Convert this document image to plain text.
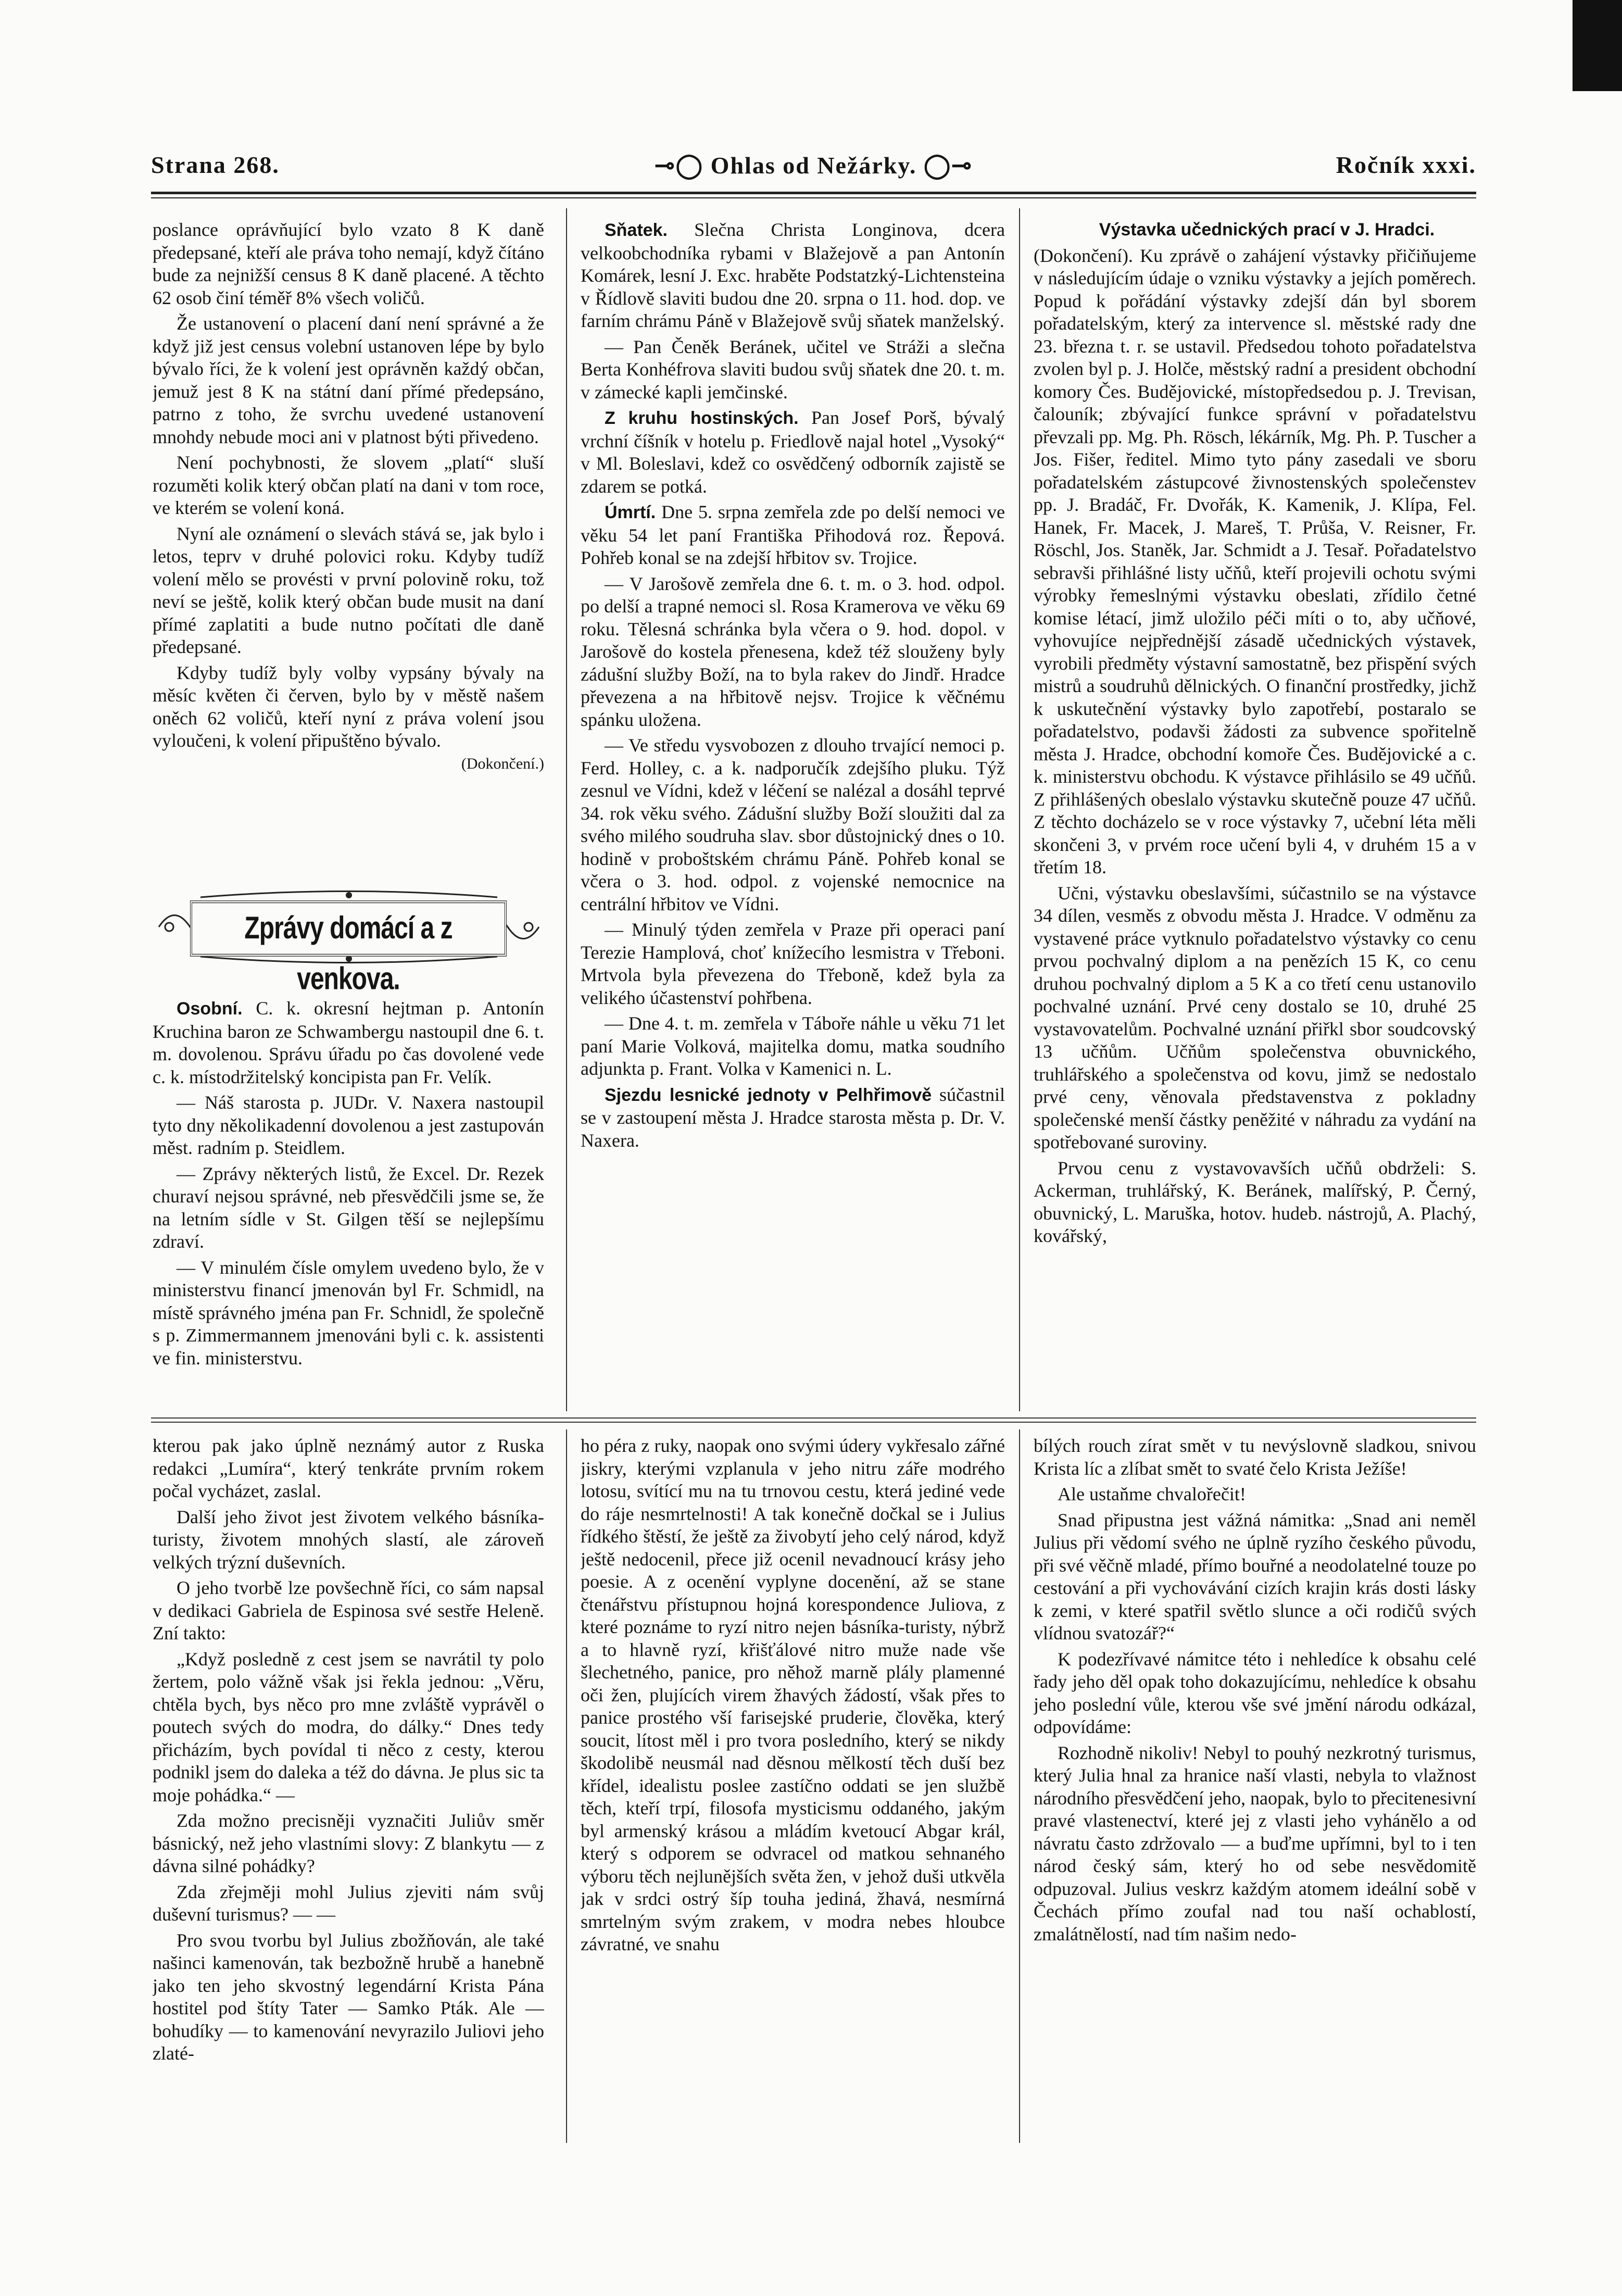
Strana 268.	⊸◯ Ohlas od Nežárky. ◯⊸	Ročník xxxi.

poslance oprávňující bylo vzato 8 K daně předepsané, kteří ale práva toho nemají, když čítáno bude za nejnižší census 8 K daně placené. A těchto 62 osob činí téměř 8% všech voličů.

Že ustanovení o placení daní není správné a že když již jest census volební ustanoven lépe by bylo bývalo říci, že k volení jest oprávněn každý občan, jemuž jest 8 K na státní daní přímé předepsáno, patrno z toho, že svrchu uvedené ustanovení mnohdy nebude moci ani v platnost býti přivedeno.

Není pochybnosti, že slovem „platí“ sluší rozuměti kolik který občan platí na dani v tom roce, ve kterém se volení koná.

Nyní ale oznámení o slevách stává se, jak bylo i letos, teprv v druhé polovici roku. Kdyby tudíž volení mělo se provésti v první polovině roku, tož neví se ještě, kolik který občan bude musit na daní přímé zaplatiti a bude nutno počítati dle daně předepsané.

Kdyby tudíž byly volby vypsány bývaly na měsíc květen či červen, bylo by v městě našem oněch 62 voličů, kteří nyní z práva volení jsou vyloučeni, k volení připuštěno bývalo.
(Dokončení.)

Zprávy domácí a z venkova.

Osobní. C. k. okresní hejtman p. Antonín Kruchina baron ze Schwambergu nastoupil dne 6. t. m. dovolenou. Správu úřadu po čas dovolené vede c. k. místodržitelský koncipista pan Fr. Velík.

— Náš starosta p. JUDr. V. Naxera nastoupil tyto dny několikadenní dovolenou a jest zastupován měst. radním p. Steidlem.

— Zprávy některých listů, že Excel. Dr. Rezek churaví nejsou správné, neb přesvědčili jsme se, že na letním sídle v St. Gilgen těší se nejlepšímu zdraví.

— V minulém čísle omylem uvedeno bylo, že v ministerstvu financí jmenován byl Fr. Schmidl, na místě správného jména pan Fr. Schnidl, že společně s p. Zimmermannem jmenováni byli c. k. assistenti ve fin. ministerstvu.

Sňatek. Slečna Christa Longinova, dcera velkoobchodníka rybami v Blažejově a pan Antonín Komárek, lesní J. Exc. hraběte Podstatzký-Lichtensteina v Řídlově slaviti budou dne 20. srpna o 11. hod. dop. ve farním chrámu Páně v Blažejově svůj sňatek manželský.

— Pan Čeněk Beránek, učitel ve Stráži a slečna Berta Konhéfrova slaviti budou svůj sňatek dne 20. t. m. v zámecké kapli jemčinské.

Z kruhu hostinských. Pan Josef Porš, bývalý vrchní číšník v hotelu p. Friedlově najal hotel „Vysoký“ v Ml. Boleslavi, kdež co osvědčený odborník zajistě se zdarem se potká.

Úmrtí. Dne 5. srpna zemřela zde po delší nemoci ve věku 54 let paní Františka Přihodová roz. Řepová. Pohřeb konal se na zdejší hřbitov sv. Trojice.

— V Jarošově zemřela dne 6. t. m. o 3. hod. odpol. po delší a trapné nemoci sl. Rosa Kramerova ve věku 69 roku. Tělesná schránka byla včera o 9. hod. dopol. v Jarošově do kostela přenesena, kdež též slouženy byly zádušní služby Boží, na to byla rakev do Jindř. Hradce převezena a na hřbitově nejsv. Trojice k věčnému spánku uložena.

— Ve středu vysvobozen z dlouho trvající nemoci p. Ferd. Holley, c. a k. nadporučík zdejšího pluku. Týž zesnul ve Vídni, kdež v léčení se nalézal a dosáhl teprvé 34. rok věku svého. Zádušní služby Boží sloužiti dal za svého milého soudruha slav. sbor důstojnický dnes o 10. hodině v proboštském chrámu Páně. Pohřeb konal se včera o 3. hod. odpol. z vojenské nemocnice na centrální hřbitov ve Vídni.

— Minulý týden zemřela v Praze při operaci paní Terezie Hamplová, choť knížecího lesmistra v Třeboni. Mrtvola byla převezena do Třeboně, kdež byla za velikého účastenství pohřbena.

— Dne 4. t. m. zemřela v Táboře náhle u věku 71 let paní Marie Volková, majitelka domu, matka soudního adjunkta p. Frant. Volka v Kamenici n. L.

Sjezdu lesnické jednoty v Pelhřimově súčastnil se v zastoupení města J. Hradce starosta města p. Dr. V. Naxera.

Výstavka učednických prací v J. Hradci.

(Dokončení). Ku zprávě o zahájení výstavky přičiňujeme v následujícím údaje o vzniku výstavky a jejích poměrech. Popud k pořádání výstavky zdejší dán byl sborem pořadatelským, který za intervence sl. městské rady dne 23. března t. r. se ustavil. Předsedou tohoto pořadatelstva zvolen byl p. J. Holče, městský radní a president obchodní komory Čes. Budějovické, místopředsedou p. J. Trevisan, čalouník; zbývající funkce správní v pořadatelstvu převzali pp. Mg. Ph. Rösch, lékárník, Mg. Ph. P. Tuscher a Jos. Fišer, ředitel. Mimo tyto pány zasedali ve sboru pořadatelském zástupcové živnostenských společenstev pp. J. Bradáč, Fr. Dvořák, K. Kamenik, J. Klípa, Fel. Hanek, Fr. Macek, J. Mareš, T. Průša, V. Reisner, Fr. Röschl, Jos. Staněk, Jar. Schmidt a J. Tesař. Pořadatelstvo sebravši přihlášné listy učňů, kteří projevili ochotu svými výrobky řemeslnými výstavku obeslati, zřídilo četné komise létací, jimž uložilo péči míti o to, aby učňové, vyhovujíce nejpřednější zásadě učednických výstavek, vyrobili předměty výstavní samostatně, bez přispění svých mistrů a soudruhů dělnických. O finanční prostředky, jichž k uskutečnění výstavky bylo zapotřebí, postaralo se pořadatelstvo, podavši žádosti za subvence spořitelně města J. Hradce, obchodní komoře Čes. Budějovické a c. k. ministerstvu obchodu. K výstavce přihlásilo se 49 učňů. Z přihlášených obeslalo výstavku skutečně pouze 47 učňů. Z těchto docházelo se v roce výstavky 7, učební léta měli skončeni 3, v prvém roce učení byli 4, v druhém 15 a v třetím 18.

Učni, výstavku obeslavšími, súčastnilo se na výstavce 34 dílen, vesměs z obvodu města J. Hradce. V odměnu za vystavené práce vytknulo pořadatelstvo výstavky co cenu prvou pochvalný diplom a na penězích 15 K, co cenu druhou pochvalný diplom a 5 K a co třetí cenu ustanovilo pochvalné uznání. Prvé ceny dostalo se 10, druhé 25 vystavovatelům. Pochvalné uznání přiřkl sbor soudcovský 13 učňům. Učňům společenstva obuvnického, truhlářského a společenstva od kovu, jimž se nedostalo prvé ceny, věnovala představenstva z pokladny společenské menší částky peněžité v náhradu za vydání na spotřebované suroviny.

Prvou cenu z vystavovavších učňů obdrželi: S. Ackerman, truhlářský, K. Beránek, malířský, P. Černý, obuvnický, L. Maruška, hotov. hudeb. nástrojů, A. Plachý, kovářský,

kterou pak jako úplně neznámý autor z Ruska redakci „Lumíra“, který tenkráte prvním rokem počal vycházet, zaslal.

Další jeho život jest životem velkého básníka-turisty, životem mnohých slastí, ale zároveň velkých trýzní duševních.

O jeho tvorbě lze povšechně říci, co sám napsal v dedikaci Gabriela de Espinosa své sestře Heleně. Zní takto:

„Když posledně z cest jsem se navrátil ty polo žertem, polo vážně však jsi řekla jednou: „Věru, chtěla bych, bys něco pro mne zvláště vyprávěl o poutech svých do modra, do dálky.“ Dnes tedy přicházím, bych povídal ti něco z cesty, kterou podnikl jsem do daleka a též do dávna. Je plus sic ta moje pohádka.“ —

Zda možno precisněji vyznačiti Juliův směr básnický, než jeho vlastními slovy: Z blankytu — z dávna silné pohádky?

Zda zřejměji mohl Julius zjeviti nám svůj duševní turismus? — —

Pro svou tvorbu byl Julius zbožňován, ale také našinci kamenován, tak bezbožně hrubě a hanebně jako ten jeho skvostný legendární Krista Pána hostitel pod štíty Tater — Samko Pták. Ale — bohudíky — to kamenování nevyrazilo Juliovi jeho zlaté-

ho péra z ruky, naopak ono svými údery vykřesalo zářné jiskry, kterými vzplanula v jeho nitru záře modrého lotosu, svítící mu na tu trnovou cestu, která jediné vede do ráje nesmrtelnosti! A tak konečně dočkal se i Julius řídkého štěstí, že ještě za živobytí jeho celý národ, když ještě nedocenil, přece již ocenil nevadnoucí krásy jeho poesie. A z ocenění vyplyne docenění, až se stane čtenářstvu přístupnou hojná korespondence Juliova, z které poznáme to ryzí nitro nejen básníka-turisty, nýbrž a to hlavně ryzí, křišťálové nitro muže nade vše šlechetného, panice, pro něhož marně plály plamenné oči žen, plujících virem žhavých žádostí, však přes to panice prostého vší farisejské pruderie, člověka, který soucit, lítost měl i pro tvora posledního, který se nikdy škodolibě neusmál nad děsnou mělkostí těch duší bez křídel, idealistu poslee zastíčno oddati se jen službě těch, kteří trpí, filosofa mysticismu oddaného, jakým byl armenský krásou a mládím kvetoucí Abgar král, který s odporem se odvracel od matkou sehnaného výboru těch nejlunějších světa žen, v jehož duši utkvěla jak v srdci ostrý šíp touha jediná, žhavá, nesmírná smrtelným svým zrakem, v modra nebes hloubce závratné, ve snahu

bílých rouch zírat smět v tu nevýslovně sladkou, snivou Krista líc a zlíbat smět to svaté čelo Krista Ježíše!

Ale ustaňme chvalořečit!

Snad připustna jest vážná námitka: „Snad ani neměl Julius při vědomí svého ne úplně ryzího českého původu, při své věčně mladé, přímo bouřné a neodolatelné touze po cestování a při vychovávání cizích krajin krás dosti lásky k zemi, v které spatřil světlo slunce a oči rodičů svých vlídnou svatozář?“

K podezřívavé námitce této i nehledíce k obsahu celé řady jeho děl opak toho dokazujícímu, nehledíce k obsahu jeho poslední vůle, kterou vše své jmění národu odkázal, odpovídáme:

Rozhodně nikoliv! Nebyl to pouhý nezkrotný turismus, který Julia hnal za hranice naší vlasti, nebyla to vlažnost národního přesvědčení jeho, naopak, bylo to přecitenesivní pravé vlastenectví, které jej z vlasti jeho vyhánělo a od návratu často zdržovalo — a buďme upřímni, byl to i ten národ český sám, který ho od sebe nesvědomitě odpuzoval. Julius veskrz každým atomem ideální sobě v Čechách přímo zoufal nad tou naší ochablostí, zmalátnělostí, nad tím našim nedo-
